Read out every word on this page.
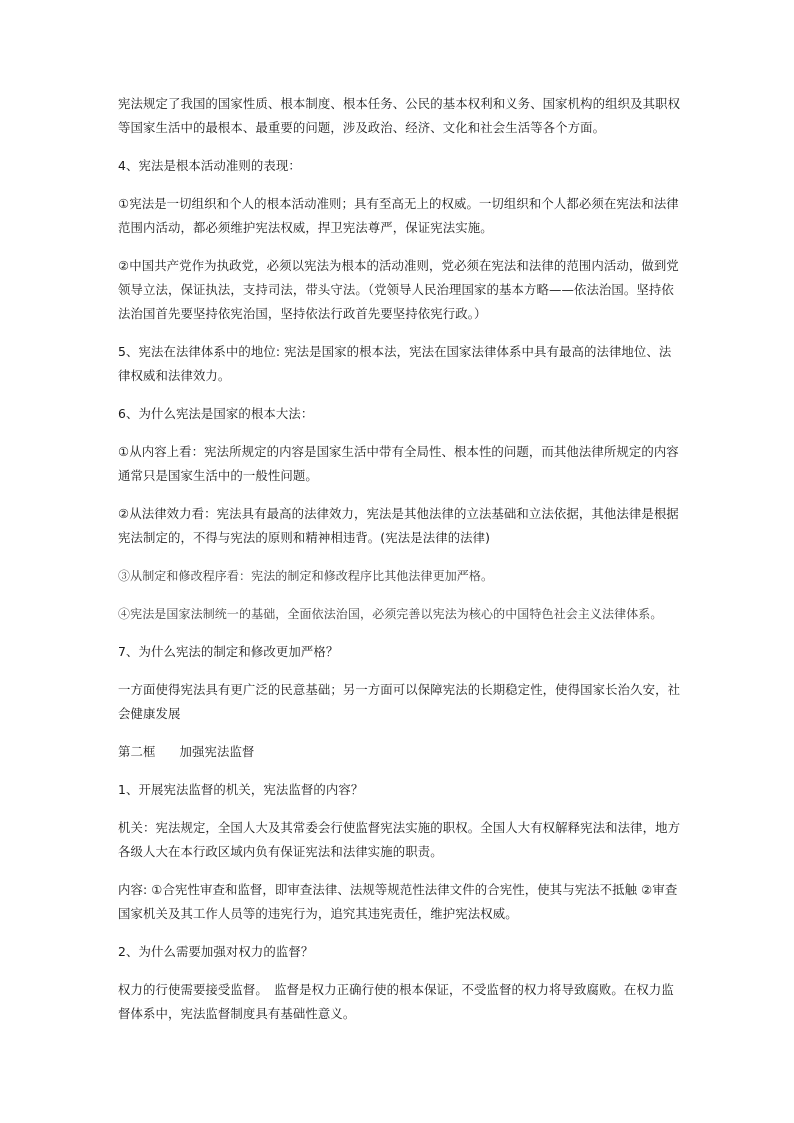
宪法规定了我国的国家性质、根本制度、根本任务、公民的基本权利和义务、国家机构的组织及其职权等国家生活中的最根本、最重要的问题，涉及政治、经济、文化和社会生活等各个方面。

4、宪法是根本活动准则的表现：

①宪法是一切组织和个人的根本活动准则；具有至高无上的权威。一切组织和个人都必须在宪法和法律范围内活动，都必须维护宪法权威，捍卫宪法尊严，保证宪法实施。

②中国共产党作为执政党，必须以宪法为根本的活动准则，党必须在宪法和法律的范围内活动，做到党领导立法，保证执法，支持司法，带头守法。（党领导人民治理国家的基本方略——依法治国。坚持依法治国首先要坚持依宪治国，坚持依法行政首先要坚持依宪行政。）

5、宪法在法律体系中的地位: 宪法是国家的根本法，宪法在国家法律体系中具有最高的法律地位、法律权威和法律效力。

6、为什么宪法是国家的根本大法：

①从内容上看：宪法所规定的内容是国家生活中带有全局性、根本性的问题，而其他法律所规定的内容通常只是国家生活中的一般性问题。

②从法律效力看：宪法具有最高的法律效力，宪法是其他法律的立法基础和立法依据，其他法律是根据宪法制定的，不得与宪法的原则和精神相违背。(宪法是法律的法律)

③从制定和修改程序看：宪法的制定和修改程序比其他法律更加严格。

④宪法是国家法制统一的基础，全面依法治国，必须完善以宪法为核心的中国特色社会主义法律体系。

7、为什么宪法的制定和修改更加严格？

一方面使得宪法具有更广泛的民意基础；另一方面可以保障宪法的长期稳定性，使得国家长治久安，社会健康发展

第二框 加强宪法监督

1、开展宪法监督的机关，宪法监督的内容？

机关：宪法规定，全国人大及其常委会行使监督宪法实施的职权。全国人大有权解释宪法和法律，地方各级人大在本行政区域内负有保证宪法和法律实施的职责。

内容: ①合宪性审查和监督，即审查法律、法规等规范性法律文件的合宪性，使其与宪法不抵触 ②审查国家机关及其工作人员等的违宪行为，追究其违宪责任，维护宪法权威。

2、为什么需要加强对权力的监督？

权力的行使需要接受监督。　监督是权力正确行使的根本保证，不受监督的权力将导致腐败。在权力监督体系中，宪法监督制度具有基础性意义。
